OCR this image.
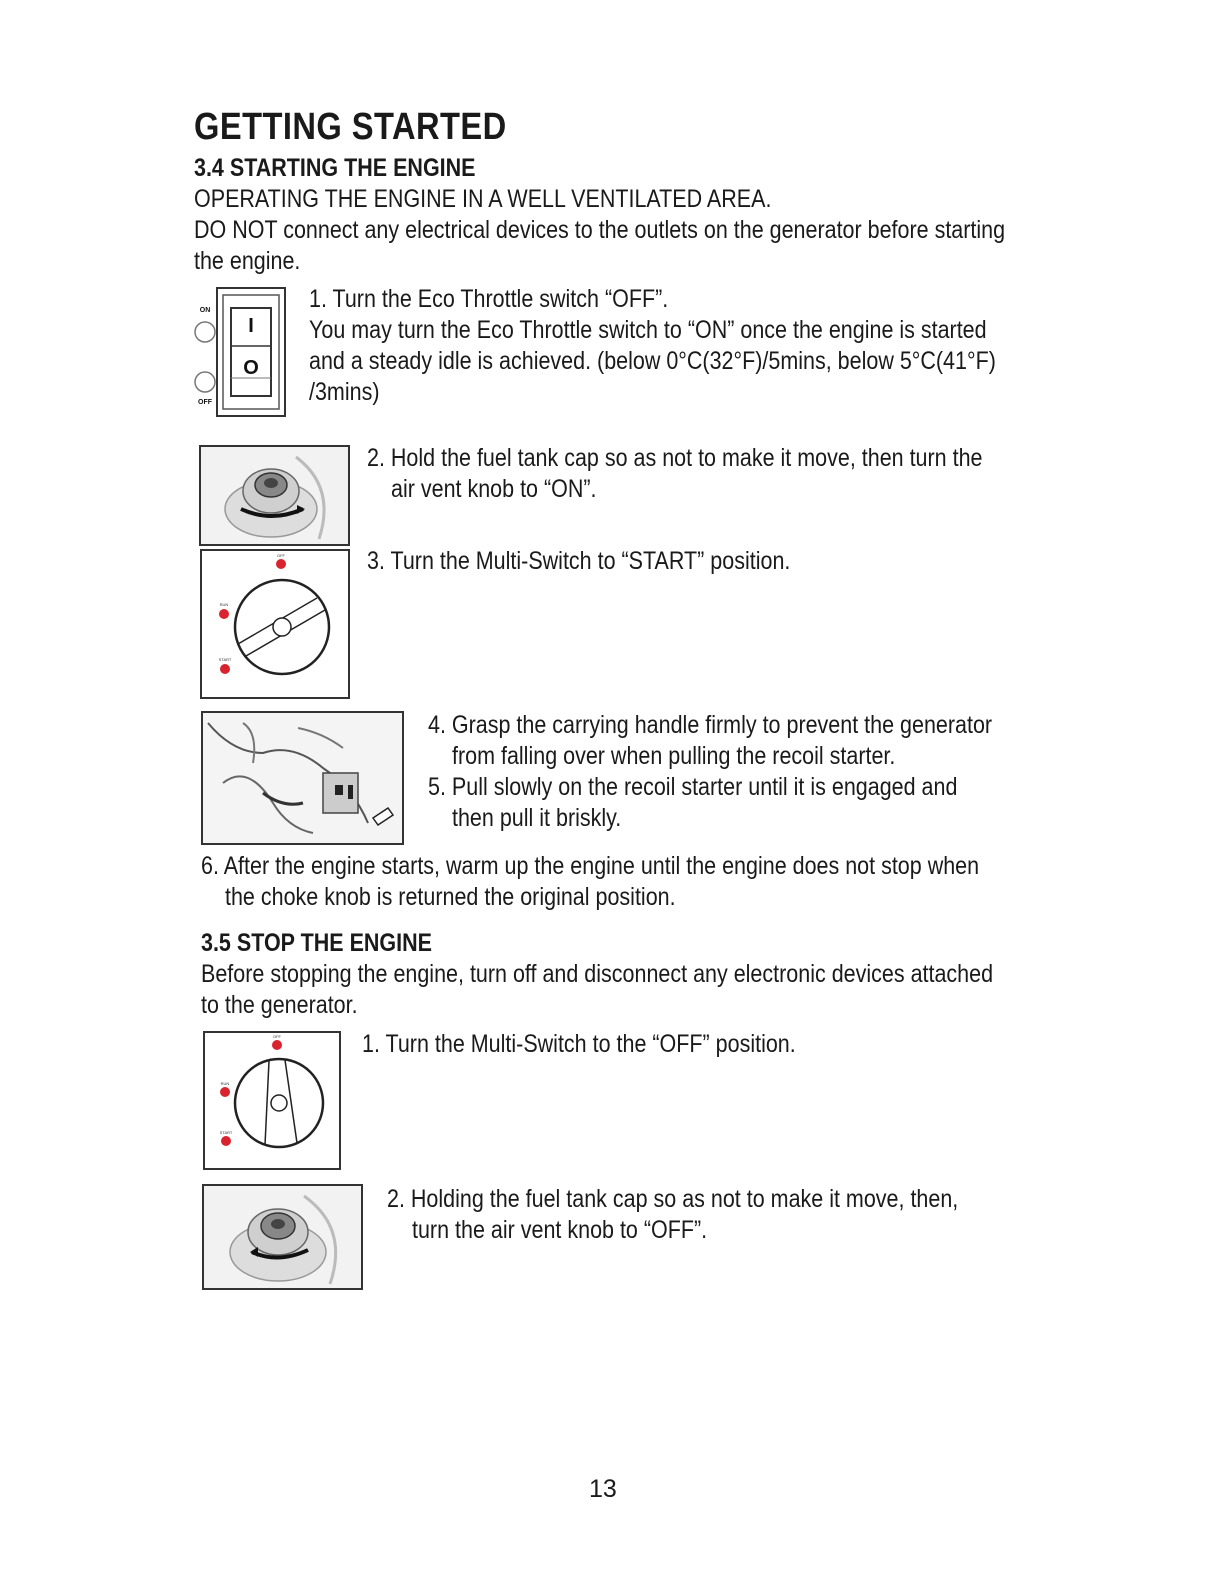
GETTING STARTED
3.4 STARTING THE ENGINE
OPERATING THE ENGINE IN A WELL VENTILATED AREA.
DO NOT connect any electrical devices to the outlets on the generator before starting
the engine.
I
O
ON
OFF
1. Turn the Eco Throttle switch “OFF”.
You may turn the Eco Throttle switch to “ON” once the engine is started
and a steady idle is achieved. (below 0°C(32°F)/5mins, below 5°C(41°F)
/3mins)
2. Hold the fuel tank cap so as not to make it move, then turn the
air vent knob to “ON”.
OFF
RUN
START
3. Turn the Multi-Switch to “START” position.
4. Grasp the carrying handle firmly to prevent the generator
from falling over when pulling the recoil starter.
5. Pull slowly on the recoil starter until it is engaged and
then pull it briskly.
6. After the engine starts, warm up the engine until the engine does not stop when
the choke knob is returned the original position.
3.5 STOP THE ENGINE
Before stopping the engine, turn off and disconnect any electronic devices attached
to the generator.
OFF
RUN
START
1. Turn the Multi-Switch to the “OFF” position.
2. Holding the fuel tank cap so as not to make it move, then,
turn the air vent knob to “OFF”.
13
